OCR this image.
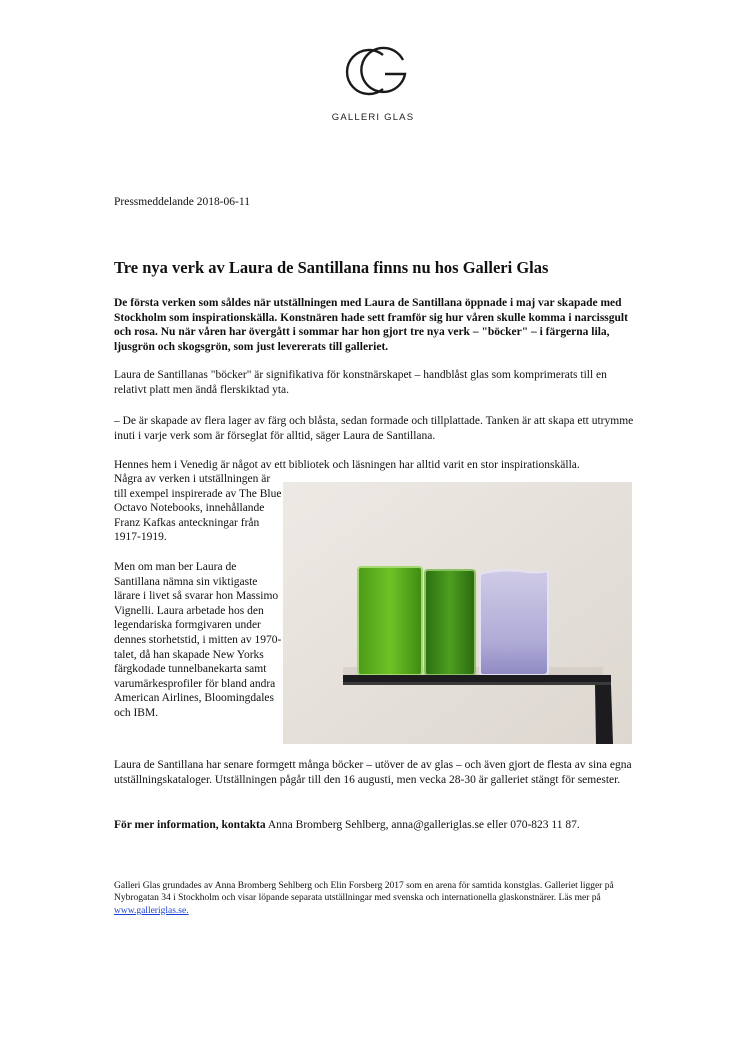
GALLERI GLAS
Pressmeddelande 2018-06-11
Tre nya verk av Laura de Santillana finns nu hos Galleri Glas

De första verken som såldes när utställningen med Laura de Santillana öppnade i maj var skapade med Stockholm som inspirationskälla. Konstnären hade sett framför sig hur våren skulle komma i narcissgult och rosa. Nu när våren har övergått i sommar har hon gjort tre nya verk – "böcker" – i färgerna lila, ljusgrön och skogsgrön, som just levererats till galleriet.

Laura de Santillanas "böcker" är signifikativa för konstnärskapet – handblåst glas som komprimerats till en relativt platt men ändå flerskiktad yta.

– De är skapade av flera lager av färg och blåsta, sedan formade och tillplattade. Tanken är att skapa ett utrymme inuti i varje verk som är förseglat för alltid, säger Laura de Santillana.

Hennes hem i Venedig är något av ett bibliotek och läsningen har alltid varit en stor inspirationskälla.

Några av verken i utställningen är till exempel inspirerade av The Blue Octavo Notebooks, innehållande Franz Kafkas anteckningar från 1917-1919.

Men om man ber Laura de Santillana nämna sin viktigaste lärare i livet så svarar hon Massimo Vignelli. Laura arbetade hos den legendariska formgivaren under dennes storhetstid, i mitten av 1970-talet, då han skapade New Yorks färgkodade tunnelbanekarta samt varumärkesprofiler för bland andra American Airlines, Bloomingdales och IBM.

Laura de Santillana har senare formgett många böcker – utöver de av glas – och även gjort de flesta av sina egna utställningskataloger. Utställningen pågår till den 16 augusti, men vecka 28-30 är galleriet stängt för semester.

För mer information, kontakta Anna Bromberg Sehlberg, anna@galleriglas.se eller 070-823 11 87.

Galleri Glas grundades av Anna Bromberg Sehlberg och Elin Forsberg 2017 som en arena för samtida konstglas. Galleriet ligger på Nybrogatan 34 i Stockholm och visar löpande separata utställningar med svenska och internationella glaskonstnärer. Läs mer på www.galleriglas.se.
